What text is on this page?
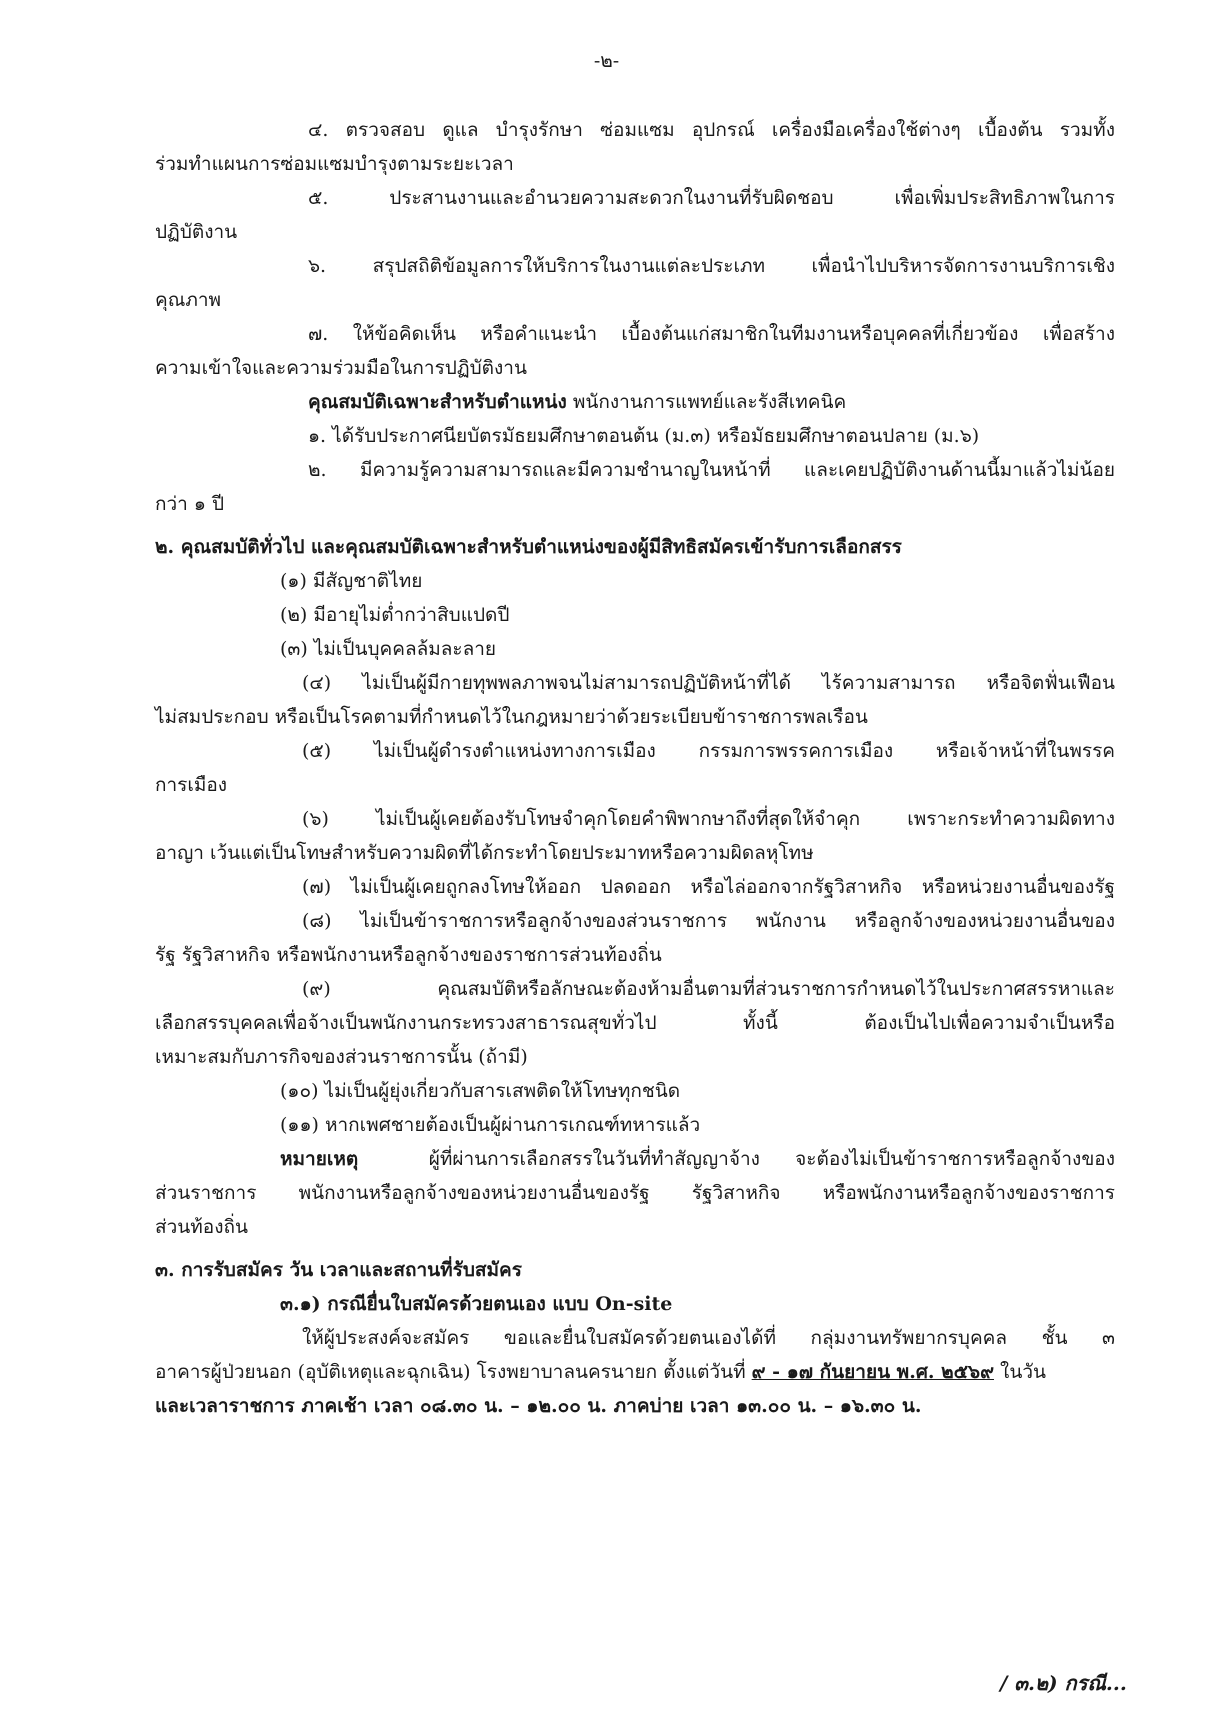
-๒-
๔. ตรวจสอบ ดูแล บำรุงรักษา ซ่อมแซม อุปกรณ์ เครื่องมือเครื่องใช้ต่างๆ เบื้องต้น รวมทั้ง
ร่วมทำแผนการซ่อมแซมบำรุงตามระยะเวลา
๕. ประสานงานและอำนวยความสะดวกในงานที่รับผิดชอบ เพื่อเพิ่มประสิทธิภาพในการ
ปฏิบัติงาน
๖. สรุปสถิติข้อมูลการให้บริการในงานแต่ละประเภท เพื่อนำไปบริหารจัดการงานบริการเชิง
คุณภาพ
๗. ให้ข้อคิดเห็น หรือคำแนะนำ เบื้องต้นแก่สมาชิกในทีมงานหรือบุคคลที่เกี่ยวข้อง เพื่อสร้าง
ความเข้าใจและความร่วมมือในการปฏิบัติงาน
คุณสมบัติเฉพาะสำหรับตำแหน่ง พนักงานการแพทย์และรังสีเทคนิค
๑. ได้รับประกาศนียบัตรมัธยมศึกษาตอนต้น (ม.๓) หรือมัธยมศึกษาตอนปลาย (ม.๖)
๒. มีความรู้ความสามารถและมีความชำนาญในหน้าที่ และเคยปฏิบัติงานด้านนี้มาแล้วไม่น้อย
กว่า ๑ ปี
๒. คุณสมบัติทั่วไป และคุณสมบัติเฉพาะสำหรับตำแหน่งของผู้มีสิทธิสมัครเข้ารับการเลือกสรร
(๑) มีสัญชาติไทย
(๒) มีอายุไม่ต่ำกว่าสิบแปดปี
(๓) ไม่เป็นบุคคลล้มละลาย
(๔) ไม่เป็นผู้มีกายทุพพลภาพจนไม่สามารถปฏิบัติหน้าที่ได้ ไร้ความสามารถ หรือจิตฟั่นเฟือน
ไม่สมประกอบ หรือเป็นโรคตามที่กำหนดไว้ในกฎหมายว่าด้วยระเบียบข้าราชการพลเรือน
(๕) ไม่เป็นผู้ดำรงตำแหน่งทางการเมือง กรรมการพรรคการเมือง หรือเจ้าหน้าที่ในพรรค
การเมือง
(๖) ไม่เป็นผู้เคยต้องรับโทษจำคุกโดยคำพิพากษาถึงที่สุดให้จำคุก เพราะกระทำความผิดทาง
อาญา เว้นแต่เป็นโทษสำหรับความผิดที่ได้กระทำโดยประมาทหรือความผิดลหุโทษ
(๗) ไม่เป็นผู้เคยถูกลงโทษให้ออก ปลดออก หรือไล่ออกจากรัฐวิสาหกิจ หรือหน่วยงานอื่นของรัฐ
(๘) ไม่เป็นข้าราชการหรือลูกจ้างของส่วนราชการ พนักงาน หรือลูกจ้างของหน่วยงานอื่นของ
รัฐ รัฐวิสาหกิจ หรือพนักงานหรือลูกจ้างของราชการส่วนท้องถิ่น
(๙) คุณสมบัติหรือลักษณะต้องห้ามอื่นตามที่ส่วนราชการกำหนดไว้ในประกาศสรรหาและ
เลือกสรรบุคคลเพื่อจ้างเป็นพนักงานกระทรวงสาธารณสุขทั่วไป ทั้งนี้ ต้องเป็นไปเพื่อความจำเป็นหรือ
เหมาะสมกับภารกิจของส่วนราชการนั้น (ถ้ามี)
(๑๐) ไม่เป็นผู้ยุ่งเกี่ยวกับสารเสพติดให้โทษทุกชนิด
(๑๑) หากเพศชายต้องเป็นผู้ผ่านการเกณฑ์ทหารแล้ว
หมายเหตุ	ผู้ที่ผ่านการเลือกสรรในวันที่ทำสัญญาจ้าง จะต้องไม่เป็นข้าราชการหรือลูกจ้างของ
ส่วนราชการ พนักงานหรือลูกจ้างของหน่วยงานอื่นของรัฐ รัฐวิสาหกิจ หรือพนักงานหรือลูกจ้างของราชการ
ส่วนท้องถิ่น
๓. การรับสมัคร วัน เวลาและสถานที่รับสมัคร
๓.๑) กรณียื่นใบสมัครด้วยตนเอง แบบ On-site
ให้ผู้ประสงค์จะสมัคร ขอและยื่นใบสมัครด้วยตนเองได้ที่ กลุ่มงานทรัพยากรบุคคล ชั้น ๓
อาคารผู้ป่วยนอก (อุบัติเหตุและฉุกเฉิน) โรงพยาบาลนครนายก ตั้งแต่วันที่ ๙ - ๑๗ กันยายน พ.ศ. ๒๕๖๙ ในวัน
และเวลาราชการ ภาคเช้า เวลา ๐๘.๓๐ น. – ๑๒.๐๐ น. ภาคบ่าย เวลา ๑๓.๐๐ น. – ๑๖.๓๐ น.
/ ๓.๒) กรณี...
